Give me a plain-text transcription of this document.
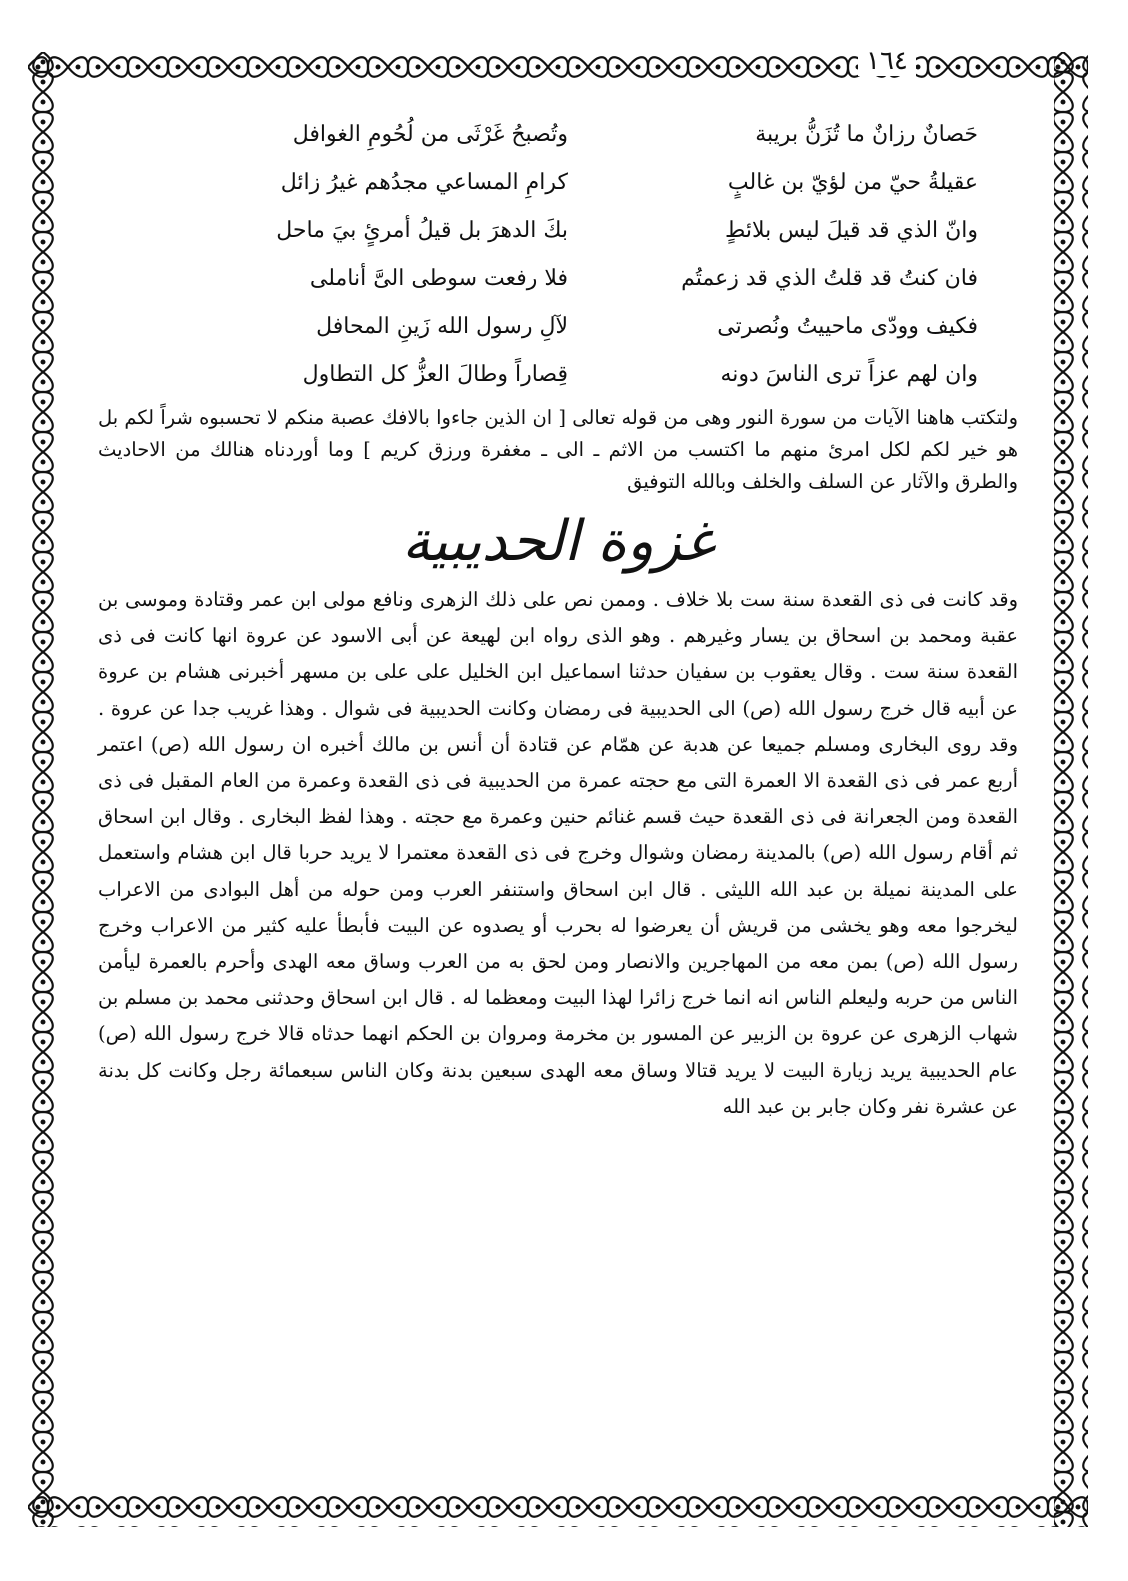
١٦٤
حَصانٌ رزانٌ ما تُزَنُّ بريبة
وتُصبحُ غَرْثَى من لُحُومِ الغوافل
عقيلةُ حيّ من لؤيّ بن غالبٍ
كرامِ المساعي مجدُهم غيرُ زائل
وانّ الذي قد قيلَ ليس بلائطٍ
بكَ الدهرَ بل قيلُ أمرئٍ بيَ ماحل
فان كنتُ قد قلتُ الذي قد زعمتُم
فلا رفعت سوطى الىَّ أناملى
فكيف وودّى ماحييتُ ونُصرتى
لآلِ رسول الله زَينِ المحافل
وان لهم عزاً ترى الناسَ دونه
قِصاراً وطالَ العزُّ كل التطاول

ولتكتب هاهنا الآيات من سورة النور وهى من قوله تعالى [ ان الذين جاءوا بالافك عصبة منكم لا تحسبوه شراً لكم بل هو خير لكم لكل امرئ منهم ما اكتسب من الاثم ـ الى ـ مغفرة ورزق كريم ] وما أوردناه هنالك من الاحاديث والطرق والآثار عن السلف والخلف وبالله التوفيق

غزوة الحديبية

وقد كانت فى ذى القعدة سنة ست بلا خلاف . وممن نص على ذلك الزهرى ونافع مولى ابن عمر وقتادة وموسى بن عقبة ومحمد بن اسحاق بن يسار وغيرهم . وهو الذى رواه ابن لهيعة عن أبى الاسود عن عروة انها كانت فى ذى القعدة سنة ست . وقال يعقوب بن سفيان حدثنا اسماعيل ابن الخليل على على بن مسهر أخبرنى هشام بن عروة عن أبيه قال خرج رسول الله (ص) الى الحديبية فى رمضان وكانت الحديبية فى شوال . وهذا غريب جدا عن عروة . وقد روى البخارى ومسلم جميعا عن هدبة عن همّام عن قتادة أن أنس بن مالك أخبره ان رسول الله (ص) اعتمر أربع عمر فى ذى القعدة الا العمرة التى مع حجته عمرة من الحديبية فى ذى القعدة وعمرة من العام المقبل فى ذى القعدة ومن الجعرانة فى ذى القعدة حيث قسم غنائم حنين وعمرة مع حجته . وهذا لفظ البخارى . وقال ابن اسحاق ثم أقام رسول الله (ص) بالمدينة رمضان وشوال وخرج فى ذى القعدة معتمرا لا يريد حربا قال ابن هشام واستعمل على المدينة نميلة بن عبد الله الليثى . قال ابن اسحاق واستنفر العرب ومن حوله من أهل البوادى من الاعراب ليخرجوا معه وهو يخشى من قريش أن يعرضوا له بحرب أو يصدوه عن البيت فأبطأ عليه كثير من الاعراب وخرج رسول الله (ص) بمن معه من المهاجرين والانصار ومن لحق به من العرب وساق معه الهدى وأحرم بالعمرة ليأمن الناس من حربه وليعلم الناس انه انما خرج زائرا لهذا البيت ومعظما له . قال ابن اسحاق وحدثنى محمد بن مسلم بن شهاب الزهرى عن عروة بن الزبير عن المسور بن مخرمة ومروان بن الحكم انهما حدثاه قالا خرج رسول الله (ص) عام الحديبية يريد زيارة البيت لا يريد قتالا وساق معه الهدى سبعين بدنة وكان الناس سبعمائة رجل وكانت كل بدنة عن عشرة نفر وكان جابر بن عبد الله
